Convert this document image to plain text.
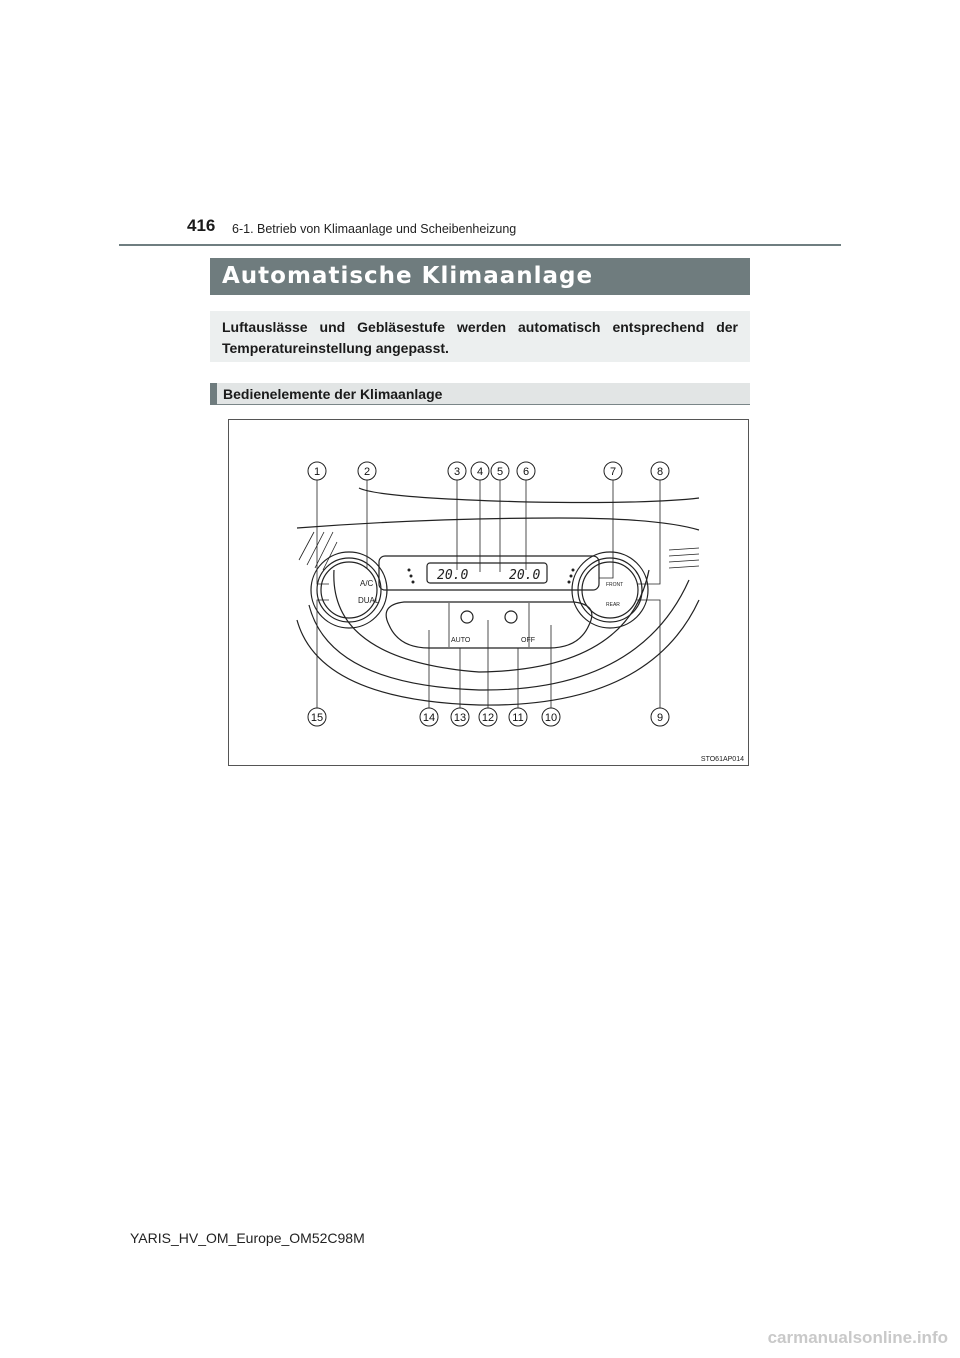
416 6-1. Betrieb von Klimaanlage und Scheibenheizung
Automatische Klimaanlage
Luftauslässe und Gebläsestufe werden automatisch entsprechend der Temperatureinstellung angepasst.
Bedienelemente der Klimaanlage
20.0	20.0
A/C
DUAL
AUTO	OFF
FRONT
REAR
1	2	3 4 5 6	7	8
15	14 13 12 11 10	9
STO61AP014
YARIS_HV_OM_Europe_OM52C98M
carmanualsonline.info
